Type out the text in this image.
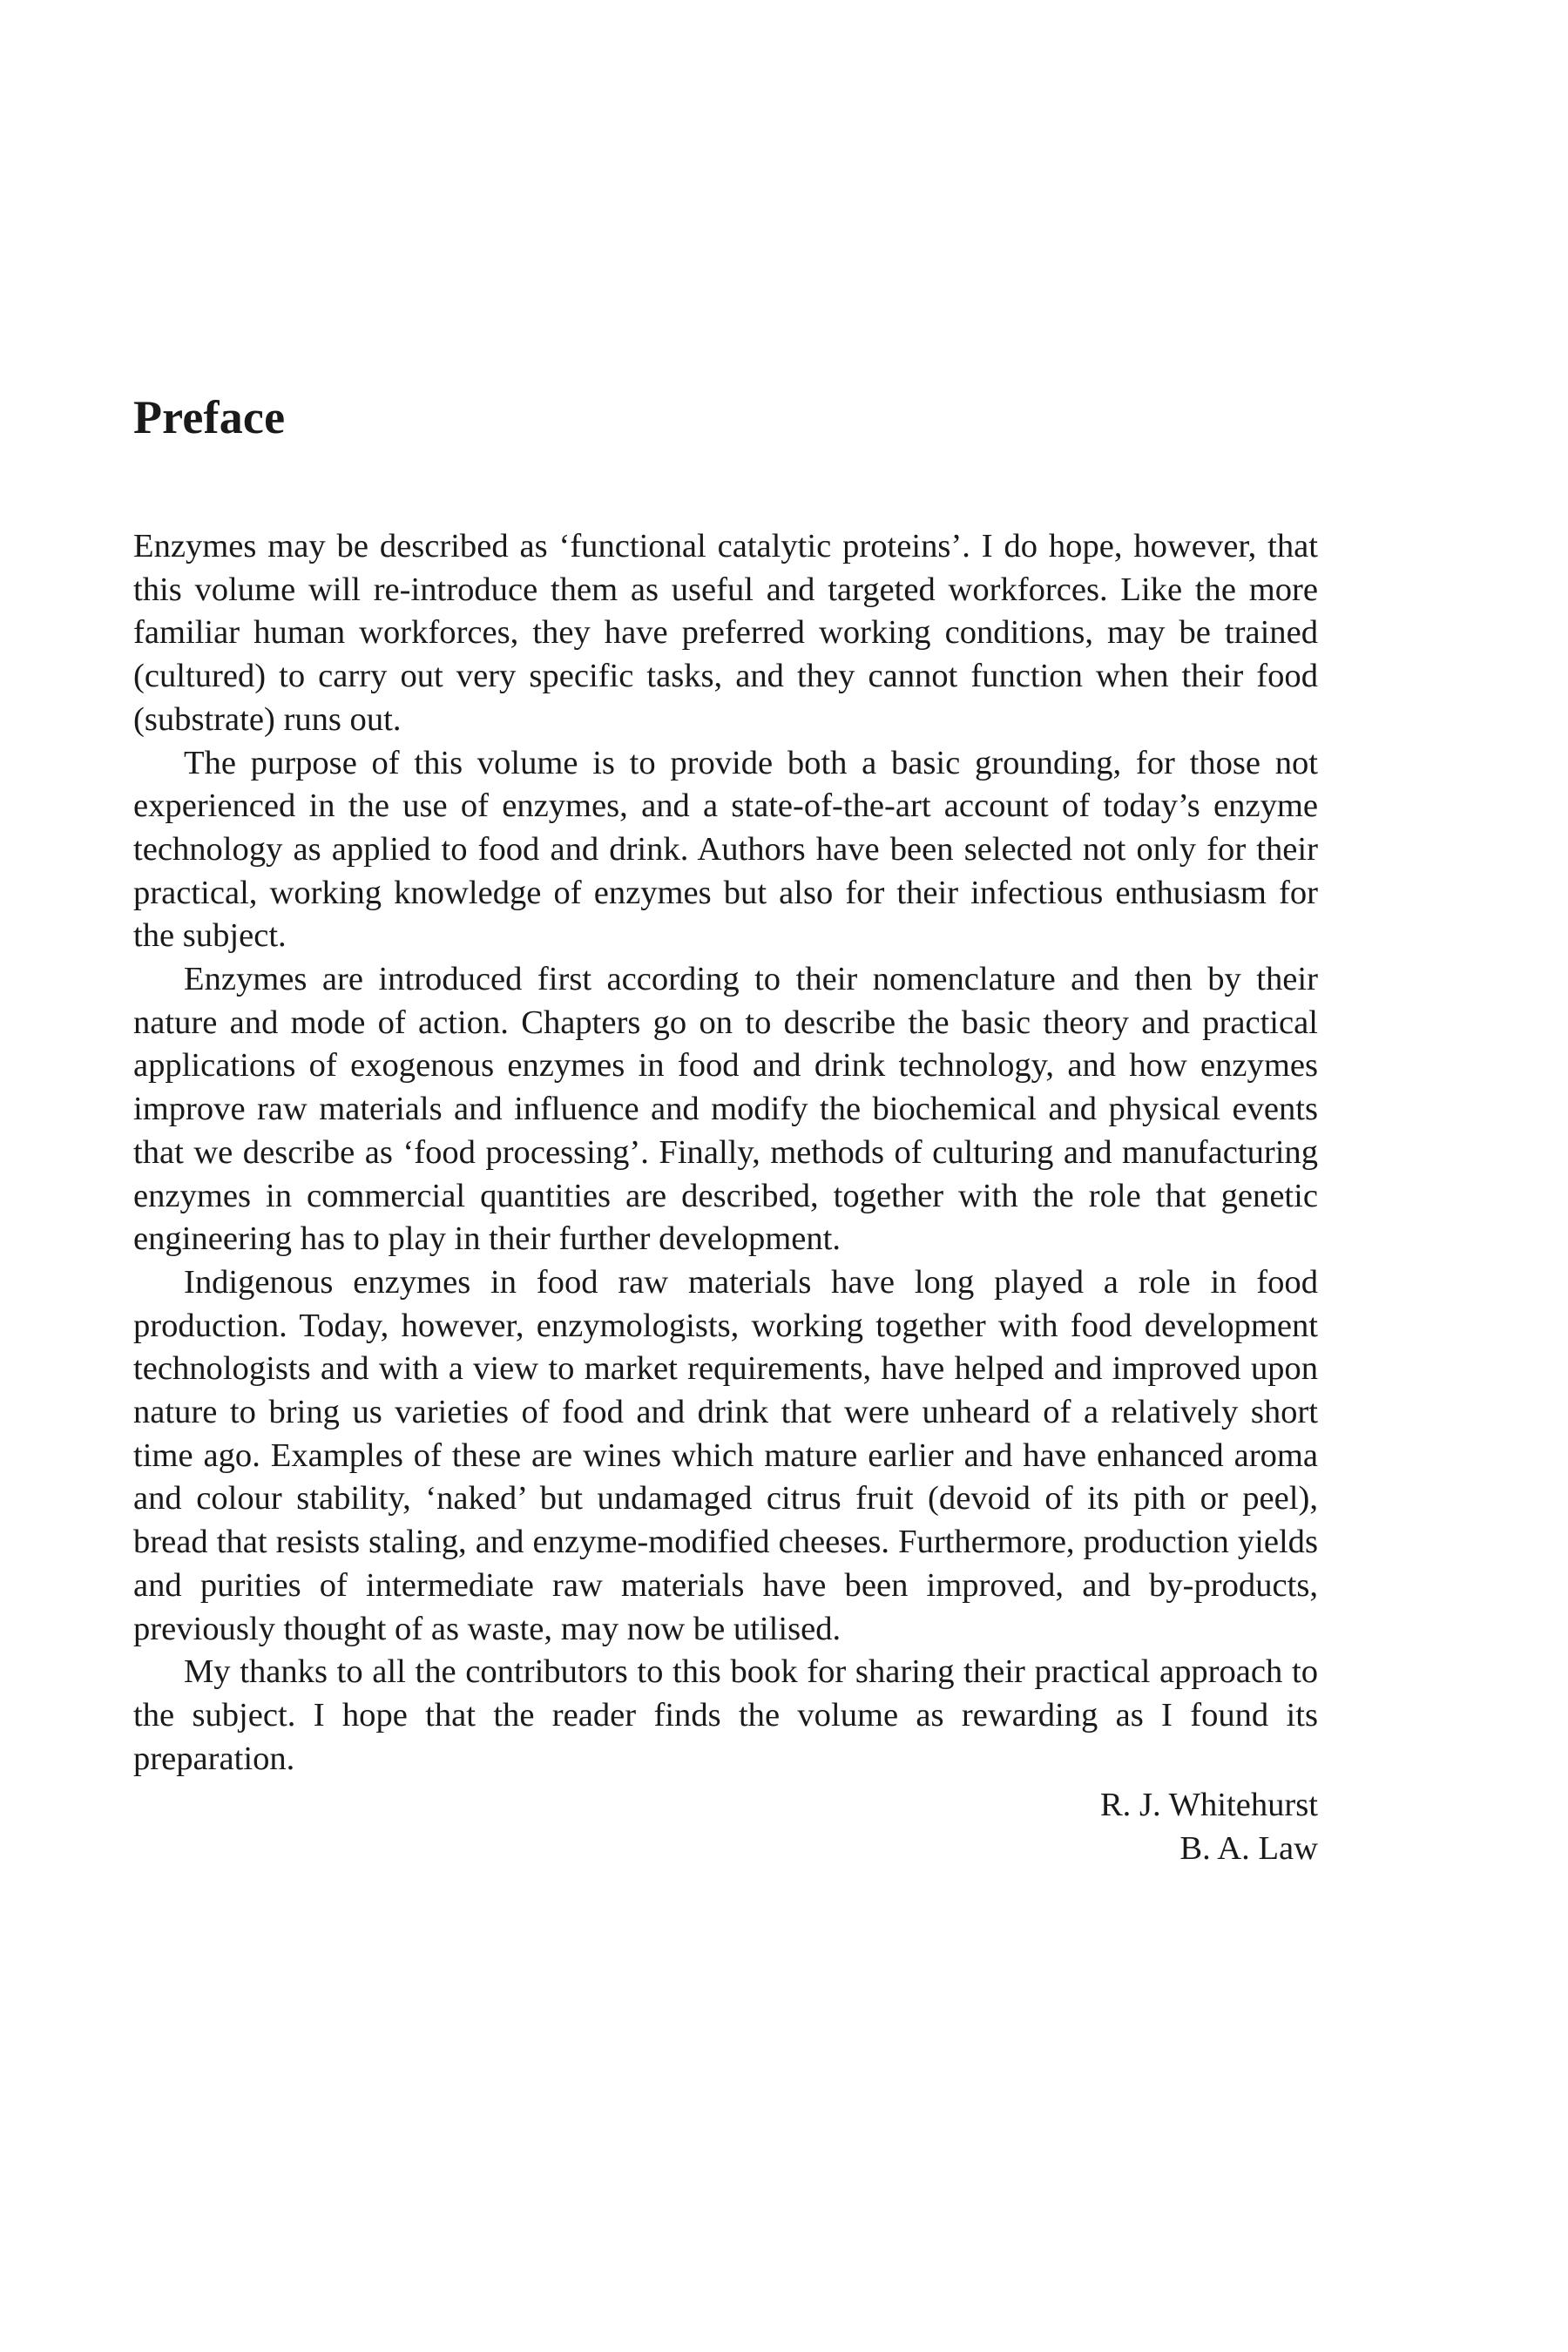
Preface

Enzymes may be described as ‘functional catalytic proteins’. I do hope, however, that this volume will re-introduce them as useful and targeted workforces. Like the more familiar human workforces, they have preferred working conditions, may be trained (cultured) to carry out very specific tasks, and they cannot function when their food (substrate) runs out.

The purpose of this volume is to provide both a basic grounding, for those not experienced in the use of enzymes, and a state-of-the-art account of today’s enzyme technology as applied to food and drink. Authors have been selected not only for their practical, working knowledge of enzymes but also for their infectious enthusiasm for the subject.

Enzymes are introduced first according to their nomenclature and then by their nature and mode of action. Chapters go on to describe the basic theory and practical applications of exogenous enzymes in food and drink technology, and how enzymes improve raw materials and influence and modify the biochemical and physical events that we describe as ‘food processing’. Finally, methods of culturing and manufacturing enzymes in commercial quantities are described, together with the role that genetic engineering has to play in their further development.

Indigenous enzymes in food raw materials have long played a role in food production. Today, however, enzymologists, working together with food development technologists and with a view to market requirements, have helped and improved upon nature to bring us varieties of food and drink that were unheard of a relatively short time ago. Examples of these are wines which mature earlier and have enhanced aroma and colour stability, ‘naked’ but undamaged citrus fruit (devoid of its pith or peel), bread that resists staling, and enzyme-modified cheeses. Furthermore, production yields and purities of intermediate raw materials have been improved, and by-products, previously thought of as waste, may now be utilised.

My thanks to all the contributors to this book for sharing their practical approach to the subject. I hope that the reader finds the volume as rewarding as I found its preparation.

R. J. Whitehurst
B. A. Law
